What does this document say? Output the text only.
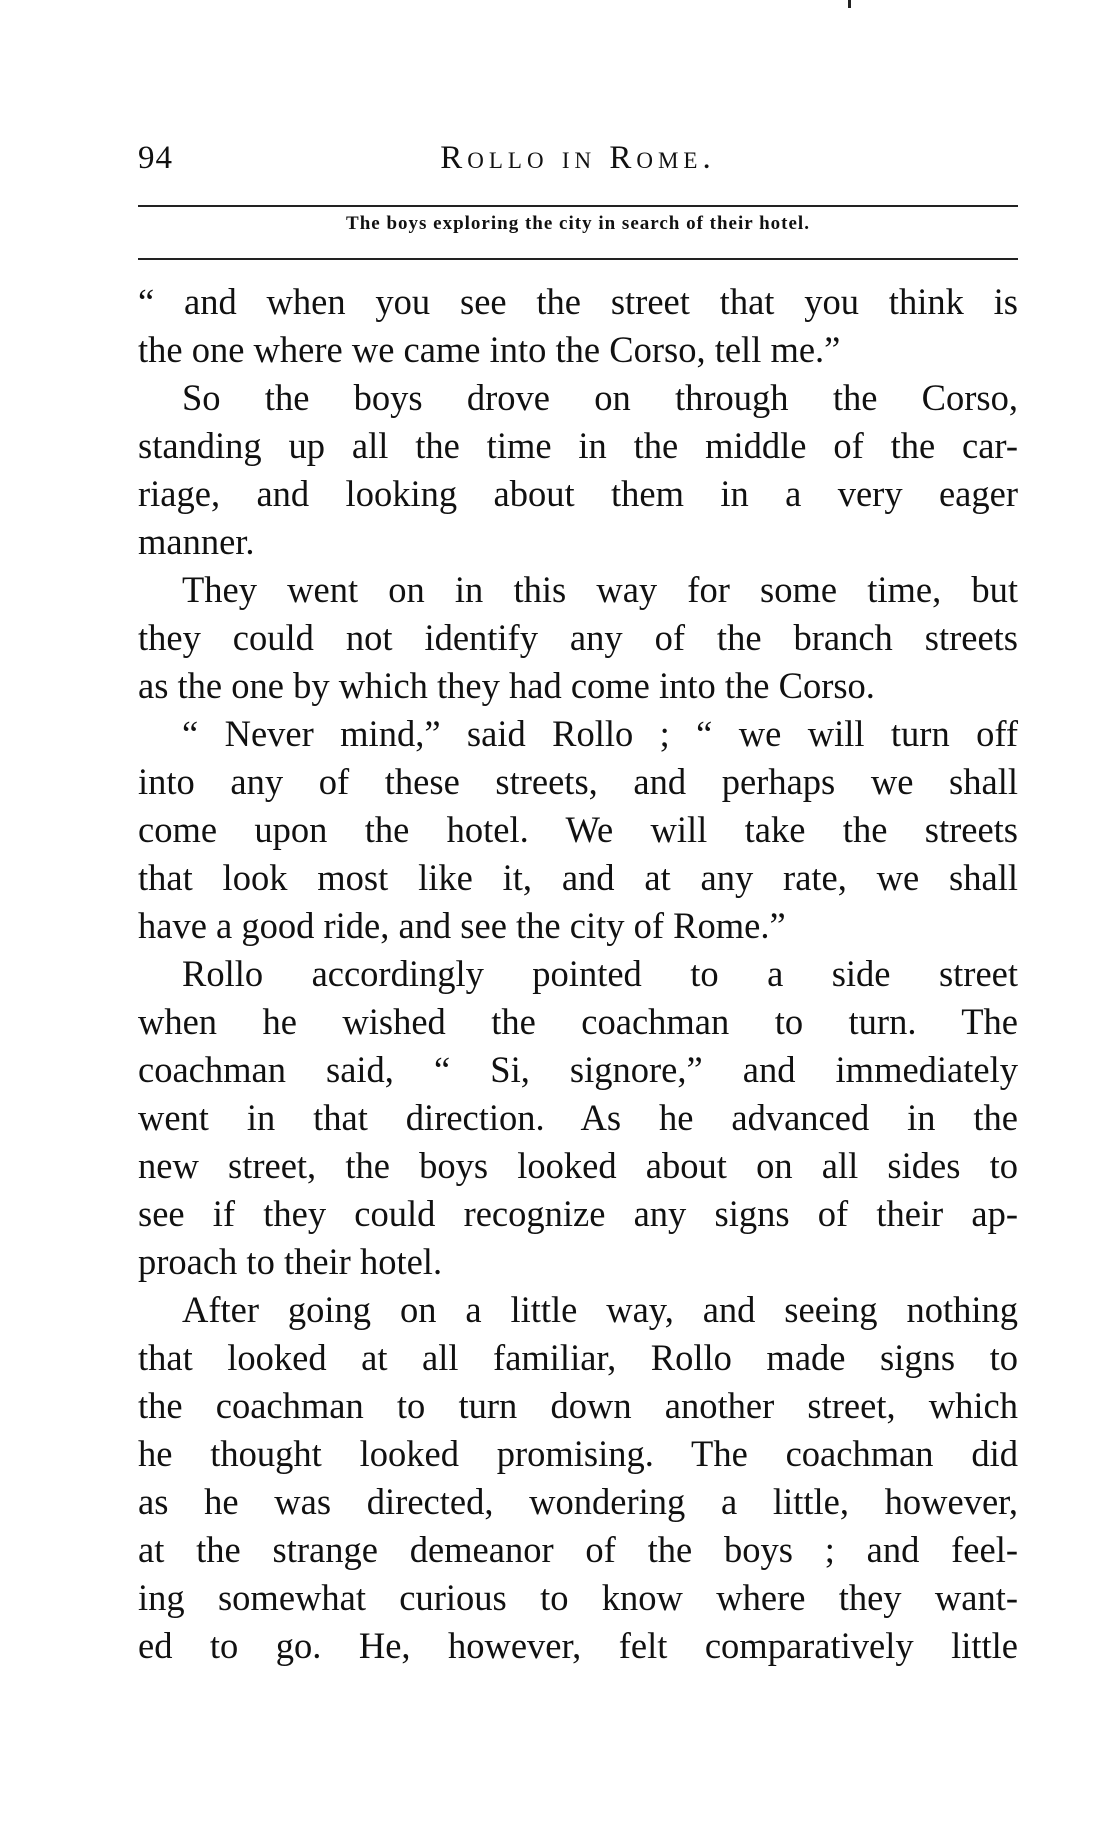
94	Rollo in Rome.
The boys exploring the city in search of their hotel.

“ and when you see the street that you think is
the one where we came into the Corso, tell me.”

So the boys drove on through the Corso,
standing up all the time in the middle of the car-
riage, and looking about them in a very eager
manner.

They went on in this way for some time, but
they could not identify any of the branch streets
as the one by which they had come into the Corso.

“ Never mind,” said Rollo ; “ we will turn off
into any of these streets, and perhaps we shall
come upon the hotel. We will take the streets
that look most like it, and at any rate, we shall
have a good ride, and see the city of Rome.”

Rollo accordingly pointed to a side street
when he wished the coachman to turn. The
coachman said, “ Si, signore,” and immediately
went in that direction. As he advanced in the
new street, the boys looked about on all sides to
see if they could recognize any signs of their ap-
proach to their hotel.

After going on a little way, and seeing nothing
that looked at all familiar, Rollo made signs to
the coachman to turn down another street, which
he thought looked promising. The coachman did
as he was directed, wondering a little, however,
at the strange demeanor of the boys ; and feel-
ing somewhat curious to know where they want-
ed to go. He, however, felt comparatively little
